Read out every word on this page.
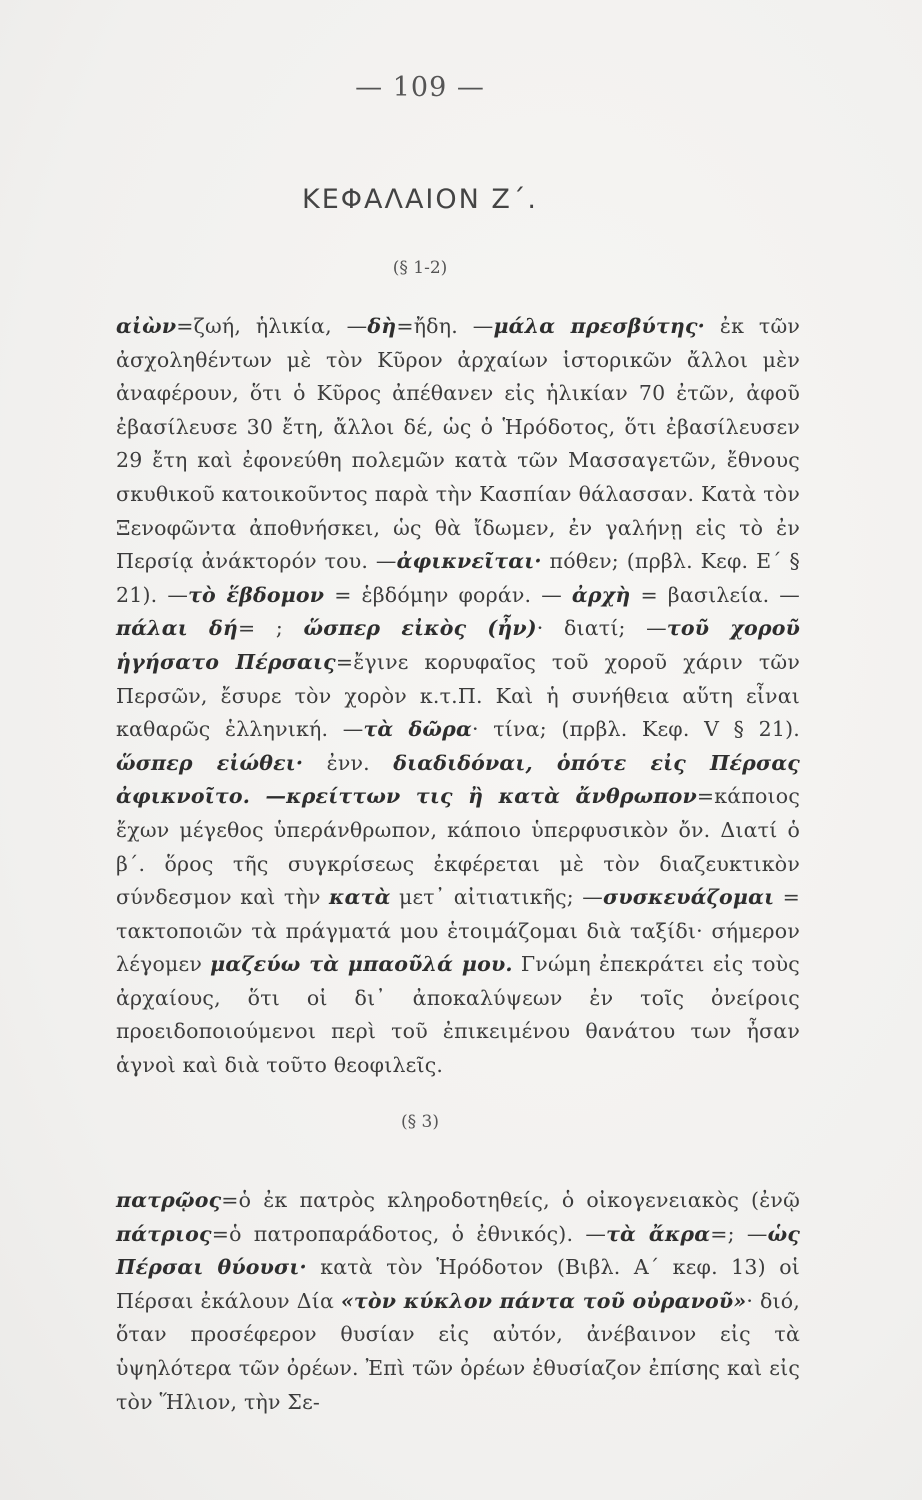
— 109 —
ΚΕΦΑΛΑΙΟΝ Ζ΄.
(§ 1-2)

αἰὼν=ζωή, ἡλικία, —δὴ=ἤδη. —μάλα πρεσβύτης· ἐκ τῶν ἀσχοληθέντων μὲ τὸν Κῦρον ἀρχαίων ἱστορικῶν ἄλλοι μὲν ἀναφέρουν, ὅτι ὁ Κῦρος ἀπέθανεν εἰς ἡλικίαν 70 ἐτῶν, ἀφοῦ ἐβασίλευσε 30 ἔτη, ἄλλοι δέ, ὡς ὁ Ἡρόδοτος, ὅτι ἐβασίλευσεν 29 ἔτη καὶ ἐφονεύθη πολεμῶν κατὰ τῶν Μασσαγετῶν, ἔθνους σκυθικοῦ κατοικοῦντος παρὰ τὴν Κασπίαν θάλασσαν. Κατὰ τὸν Ξενοφῶντα ἀποθνήσκει, ὡς θὰ ἴδωμεν, ἐν γαλήνῃ εἰς τὸ ἐν Περσίᾳ ἀνάκτορόν του. —ἀφικνεῖται· πόθεν; (πρβλ. Κεφ. Ε΄ § 21). —τὸ ἕβδομον = ἑβδόμην φοράν. — ἀρχὴ = βασιλεία. — πάλαι δή= ; ὥσπερ εἰκὸς (ἦν)· διατί; —τοῦ χοροῦ ἡγήσατο Πέρσαις=ἔγινε κορυφαῖος τοῦ χοροῦ χάριν τῶν Περσῶν, ἔσυρε τὸν χορὸν κ.τ.Π. Καὶ ἡ συνήθεια αὕτη εἶναι καθαρῶς ἑλληνική. —τὰ δῶρα· τίνα; (πρβλ. Κεφ. V § 21). ὥσπερ εἰώθει· ἐνν. διαδιδόναι, ὁπότε εἰς Πέρσας ἀφικνοῖτο. —κρείττων τις ἢ κατὰ ἄνθρωπον=κάποιος ἔχων μέγεθος ὑπεράνθρωπον, κάποιο ὑπερφυσικὸν ὄν. Διατί ὁ β΄. ὅρος τῆς συγκρίσεως ἐκφέρεται μὲ τὸν διαζευκτικὸν σύνδεσμον καὶ τὴν κατὰ μετ᾽ αἰτιατικῆς; —συσκευάζομαι = τακτοποιῶν τὰ πράγματά μου ἑτοιμάζομαι διὰ ταξίδι· σήμερον λέγομεν μαζεύω τὰ μπαοῦλά μου. Γνώμη ἐπεκράτει εἰς τοὺς ἀρχαίους, ὅτι οἱ δι᾽ ἀποκαλύψεων ἐν τοῖς ὀνείροις προειδοποιούμενοι περὶ τοῦ ἐπικειμένου θανάτου των ἦσαν ἁγνοὶ καὶ διὰ τοῦτο θεοφιλεῖς.

(§ 3)

πατρῷος=ὁ ἐκ πατρὸς κληροδοτηθείς, ὁ οἰκογενειακὸς (ἐνῷ πάτριος=ὁ πατροπαράδοτος, ὁ ἐθνικός). —τὰ ἄκρα=; —ὡς Πέρσαι θύουσι· κατὰ τὸν Ἡρόδοτον (Βιβλ. Α΄ κεφ. 13) οἱ Πέρσαι ἐκάλουν Δία «τὸν κύκλον πάντα τοῦ οὐρανοῦ»· διό, ὅταν προσέφερον θυσίαν εἰς αὐτόν, ἀνέβαινον εἰς τὰ ὑψηλότερα τῶν ὀρέων. Ἐπὶ τῶν ὀρέων ἐθυσίαζον ἐπίσης καὶ εἰς τὸν Ἥλιον, τὴν Σε-
